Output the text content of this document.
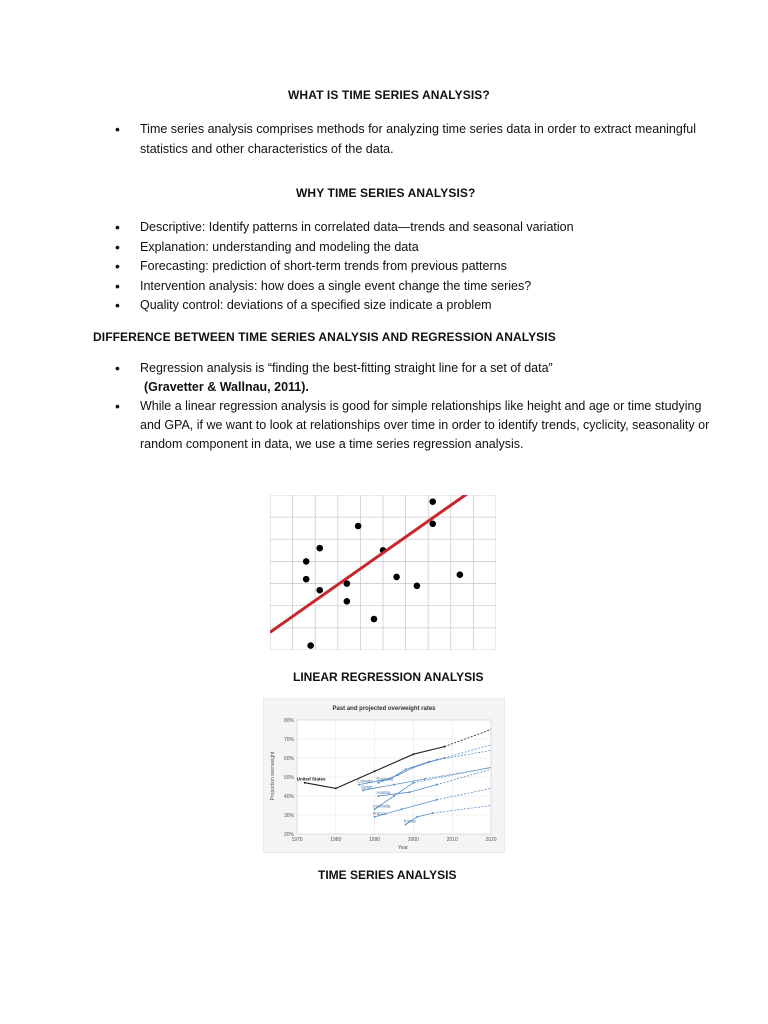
WHAT IS TIME SERIES ANALYSIS?
• Time series analysis comprises methods for analyzing time series data in order to extract meaningful statistics and other characteristics of the data.
WHY TIME SERIES ANALYSIS?
• Descriptive: Identify patterns in correlated data—trends and seasonal variation
• Explanation: understanding and modeling the data
• Forecasting: prediction of short-term trends from previous patterns
• Intervention analysis: how does a single event change the time series?
• Quality control: deviations of a specified size indicate a problem
DIFFERENCE BETWEEN TIME SERIES ANALYSIS AND REGRESSION ANALYSIS
• Regression analysis is “finding the best-fitting straight line for a set of data”
(Gravetter & Wallnau, 2011).
• While a linear regression analysis is good for simple relationships like height and age or time studying and GPA, if we want to look at relationships over time in order to identify trends, cyclicity, seasonality or random component in data, we use a time series regression analysis.
LINEAR REGRESSION ANALYSIS
Past and projected overweight rates
United States	Canada England
Spain
Austria
Australia
France
Korea
20%
30%
40%
50%
60%
70%
80%
1970	1980	1990	2000	2010	2020
Year
Proportion overweight
TIME SERIES ANALYSIS
